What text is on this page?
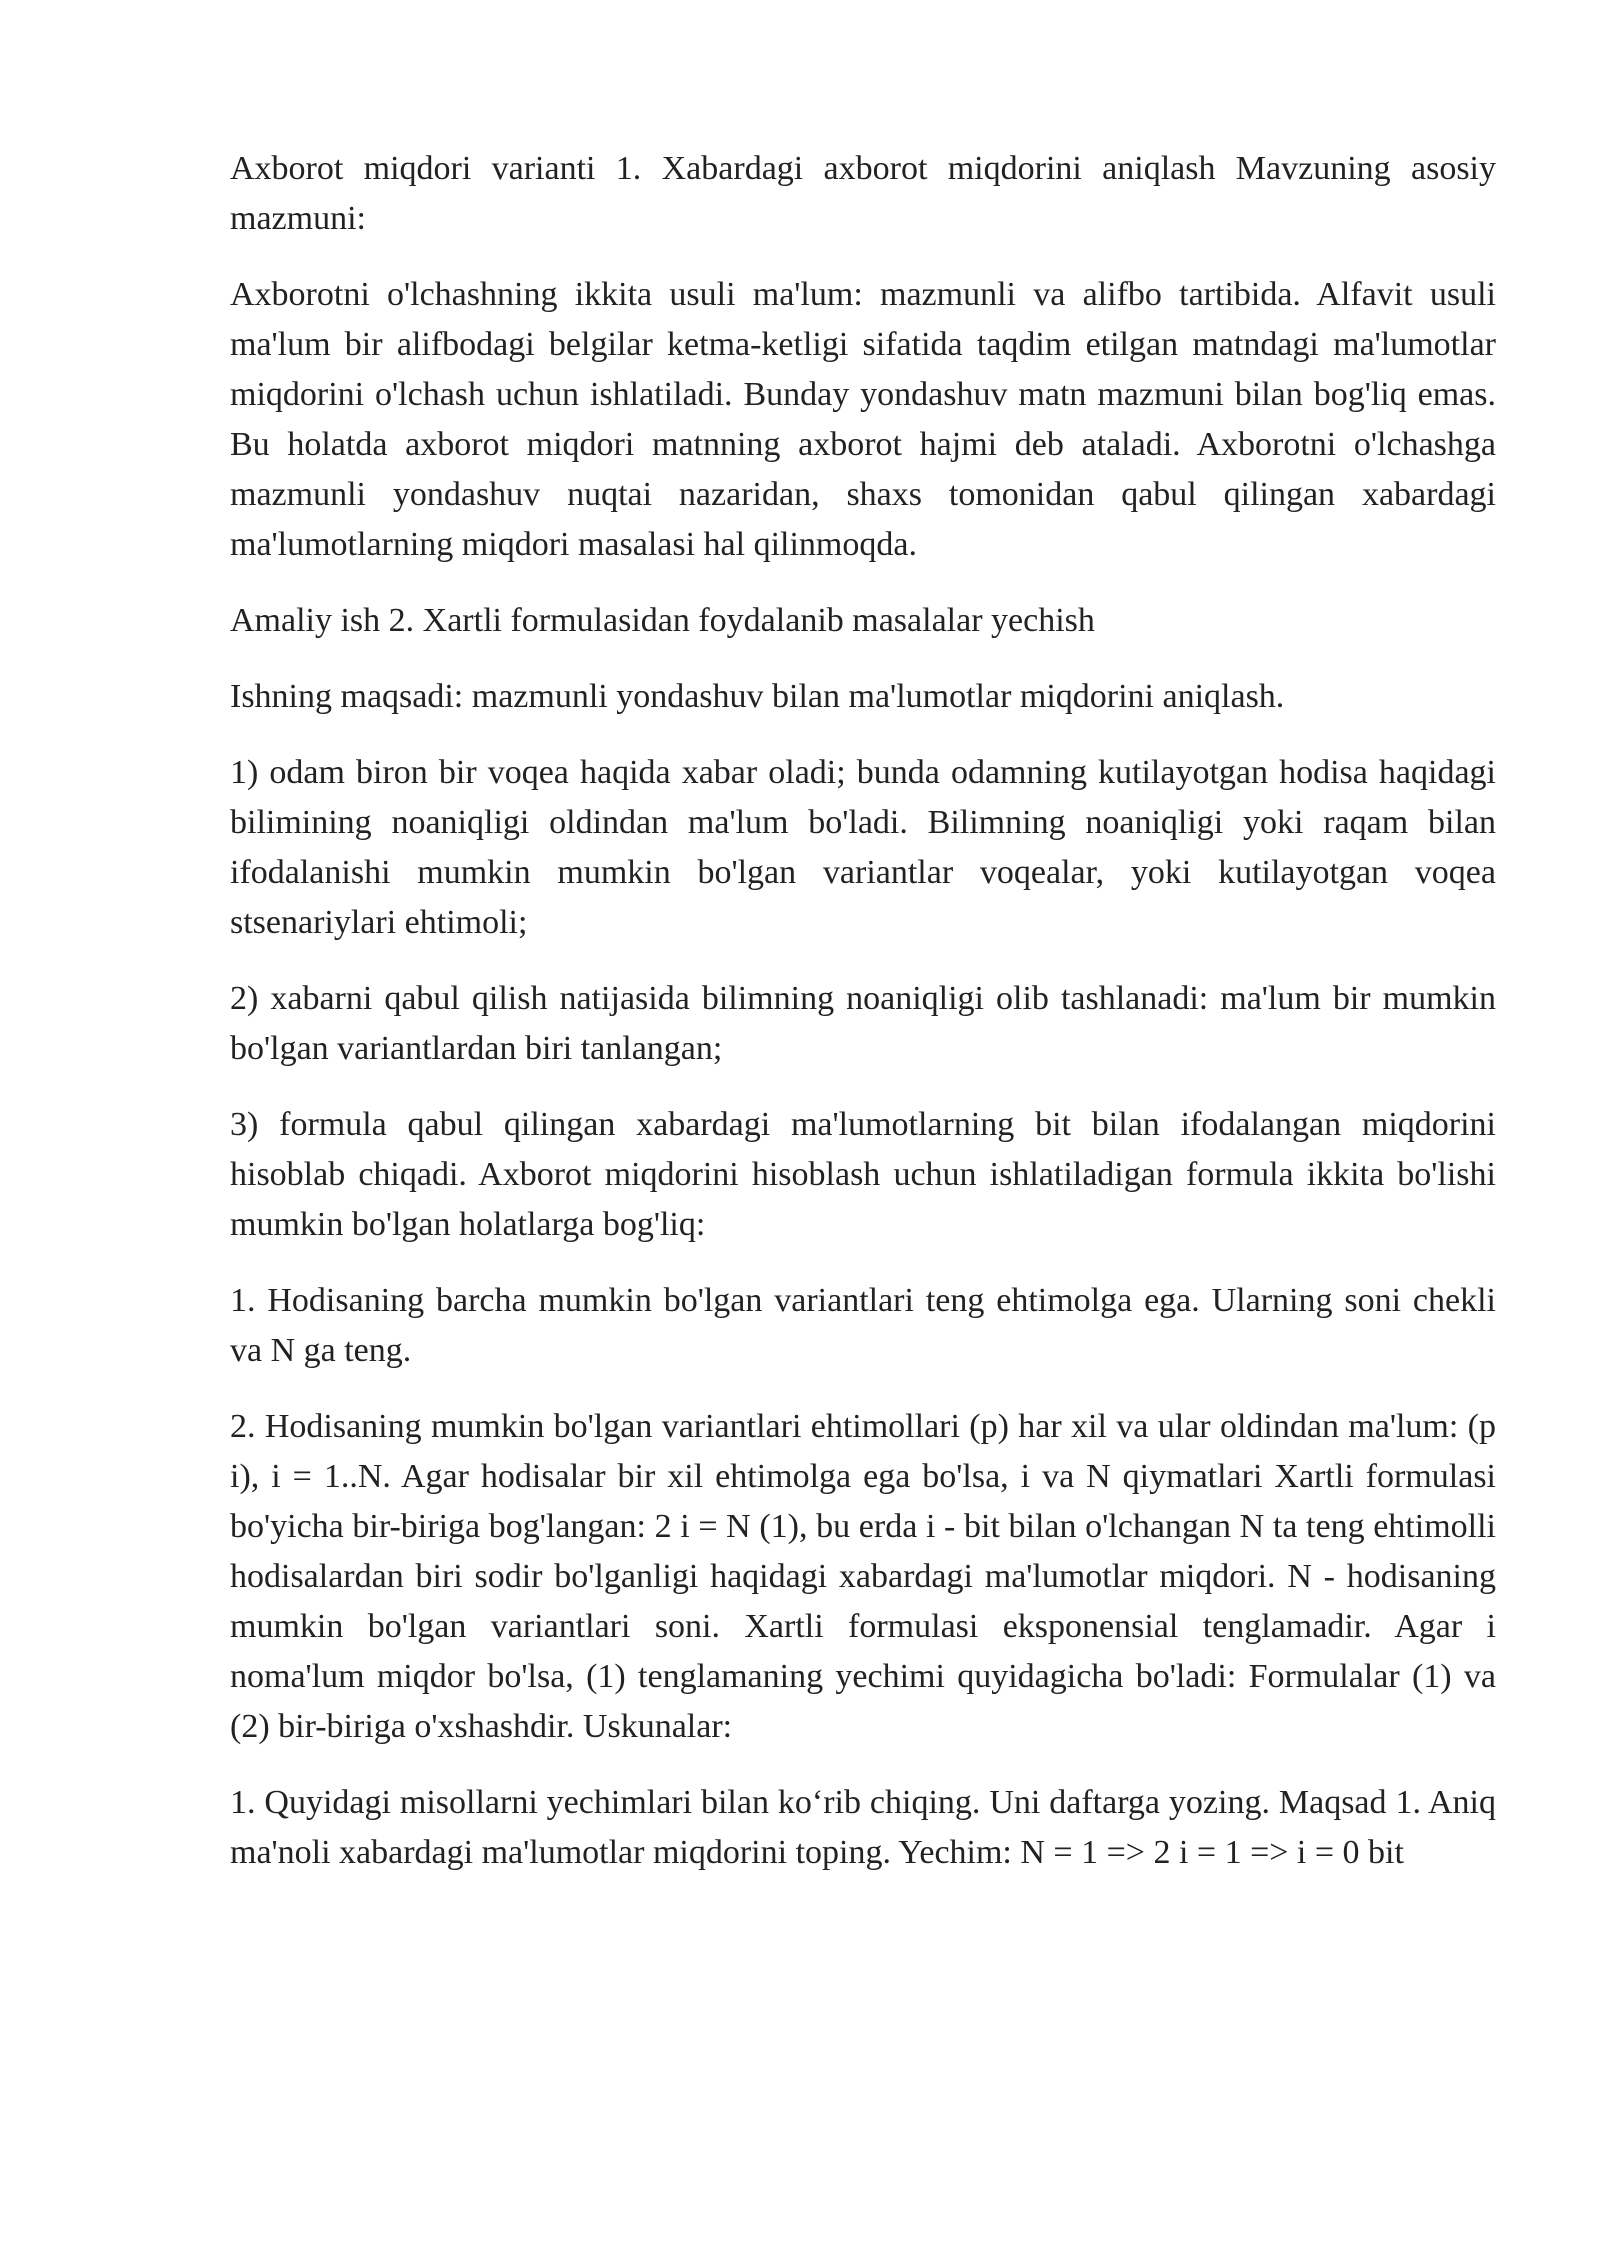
Axborot miqdori varianti 1. Xabardagi axborot miqdorini aniqlash Mavzuning asosiy mazmuni:

Axborotni o'lchashning ikkita usuli ma'lum: mazmunli va alifbo tartibida. Alfavit usuli ma'lum bir alifbodagi belgilar ketma-ketligi sifatida taqdim etilgan matndagi ma'lumotlar miqdorini o'lchash uchun ishlatiladi. Bunday yondashuv matn mazmuni bilan bog'liq emas. Bu holatda axborot miqdori matnning axborot hajmi deb ataladi. Axborotni o'lchashga mazmunli yondashuv nuqtai nazaridan, shaxs tomonidan qabul qilingan xabardagi ma'lumotlarning miqdori masalasi hal qilinmoqda.

Amaliy ish 2. Xartli formulasidan foydalanib masalalar yechish

Ishning maqsadi: mazmunli yondashuv bilan ma'lumotlar miqdorini aniqlash.

1) odam biron bir voqea haqida xabar oladi; bunda odamning kutilayotgan hodisa haqidagi bilimining noaniqligi oldindan ma'lum bo'ladi. Bilimning noaniqligi yoki raqam bilan ifodalanishi mumkin mumkin bo'lgan variantlar voqealar, yoki kutilayotgan voqea stsenariylari ehtimoli;

2) xabarni qabul qilish natijasida bilimning noaniqligi olib tashlanadi: ma'lum bir mumkin bo'lgan variantlardan biri tanlangan;

3) formula qabul qilingan xabardagi ma'lumotlarning bit bilan ifodalangan miqdorini hisoblab chiqadi. Axborot miqdorini hisoblash uchun ishlatiladigan formula ikkita bo'lishi mumkin bo'lgan holatlarga bog'liq:

1. Hodisaning barcha mumkin bo'lgan variantlari teng ehtimolga ega. Ularning soni chekli va N ga teng.

2. Hodisaning mumkin bo'lgan variantlari ehtimollari (p) har xil va ular oldindan ma'lum: (p i), i = 1..N. Agar hodisalar bir xil ehtimolga ega bo'lsa, i va N qiymatlari Xartli formulasi bo'yicha bir-biriga bog'langan: 2 i = N (1), bu erda i - bit bilan o'lchangan N ta teng ehtimolli hodisalardan biri sodir bo'lganligi haqidagi xabardagi ma'lumotlar miqdori. N - hodisaning mumkin bo'lgan variantlari soni. Xartli formulasi eksponensial tenglamadir. Agar i noma'lum miqdor bo'lsa, (1) tenglamaning yechimi quyidagicha bo'ladi: Formulalar (1) va (2) bir-biriga o'xshashdir. Uskunalar:

1. Quyidagi misollarni yechimlari bilan ko‘rib chiqing. Uni daftarga yozing. Maqsad 1. Aniq ma'noli xabardagi ma'lumotlar miqdorini toping. Yechim: N = 1 => 2 i = 1 => i = 0 bit
